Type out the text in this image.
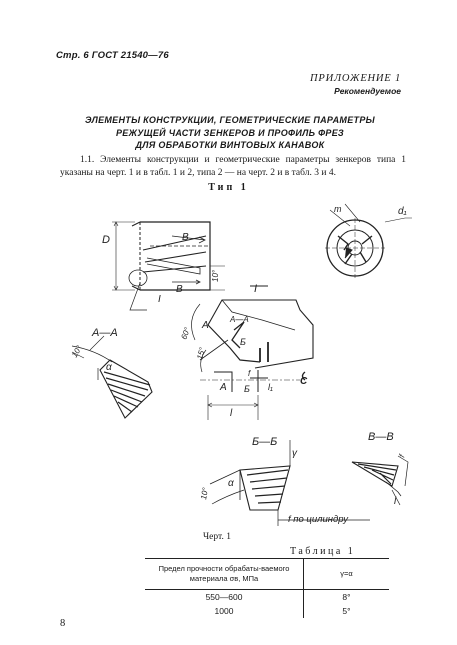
Стр. 6 ГОСТ 21540—76
ПРИЛОЖЕНИЕ 1
Рекомендуемое
ЭЛЕМЕНТЫ КОНСТРУКЦИИ, ГЕОМЕТРИЧЕСКИЕ ПАРАМЕТРЫ
РЕЖУЩЕЙ ЧАСТИ ЗЕНКЕРОВ И ПРОФИЛЬ ФРЕЗ
ДЛЯ ОБРАБОТКИ ВИНТОВЫХ КАНАВОК
1.1. Элементы конструкции и геометрические параметры зенкеров типа 1
указаны на черт. 1 и в табл. 1 и 2, типа 2 — на черт. 2 и в табл. 3 и 4.
Тип 1
D
m	d₁
В
В
10°
I
I
А—А
10°
α
А
А
60°
15°
А—А
Б
Б
f
l₁
l
С
Б—Б
γ
10°
α
f по цилиндру
В—В
f
l
Черт. 1
Таблица 1
Предел прочности обрабаты-ваемого материала σв, МПа	γ=α
550—600	8°
1000	5°
8
